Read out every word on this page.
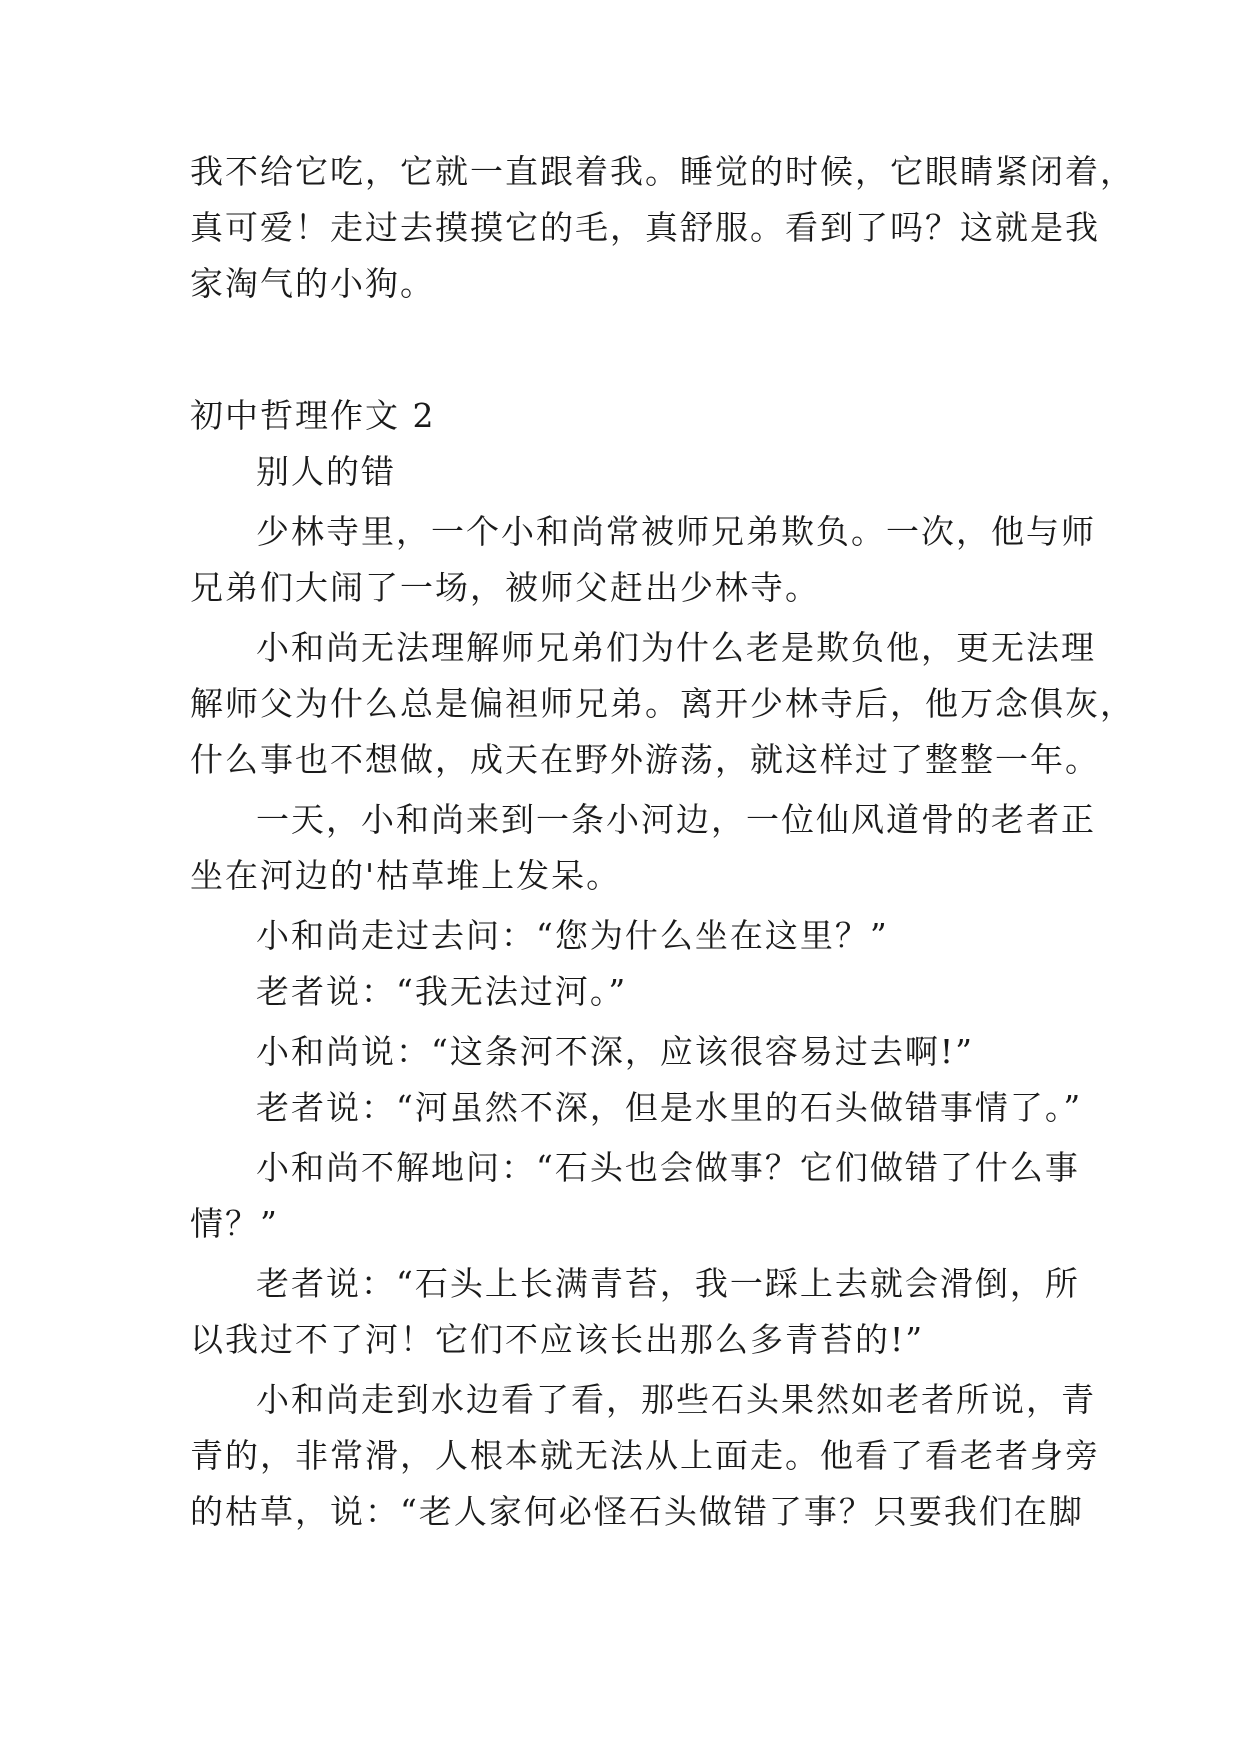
我不给它吃，它就一直跟着我。睡觉的时候，它眼睛紧闭着，
真可爱！走过去摸摸它的毛，真舒服。看到了吗？这就是我
家淘气的小狗。
初中哲理作文 2
别人的错
少林寺里，一个小和尚常被师兄弟欺负。一次，他与师
兄弟们大闹了一场，被师父赶出少林寺。
小和尚无法理解师兄弟们为什么老是欺负他，更无法理
解师父为什么总是偏袒师兄弟。离开少林寺后，他万念俱灰，
什么事也不想做，成天在野外游荡，就这样过了整整一年。
一天，小和尚来到一条小河边，一位仙风道骨的老者正
坐在河边的'枯草堆上发呆。
小和尚走过去问：“您为什么坐在这里？”
老者说：“我无法过河。”
小和尚说：“这条河不深，应该很容易过去啊!”
老者说：“河虽然不深，但是水里的石头做错事情了。”
小和尚不解地问：“石头也会做事？它们做错了什么事
情？”
老者说：“石头上长满青苔，我一踩上去就会滑倒，所
以我过不了河！它们不应该长出那么多青苔的!”
小和尚走到水边看了看，那些石头果然如老者所说，青
青的，非常滑，人根本就无法从上面走。他看了看老者身旁
的枯草，说：“老人家何必怪石头做错了事？只要我们在脚
